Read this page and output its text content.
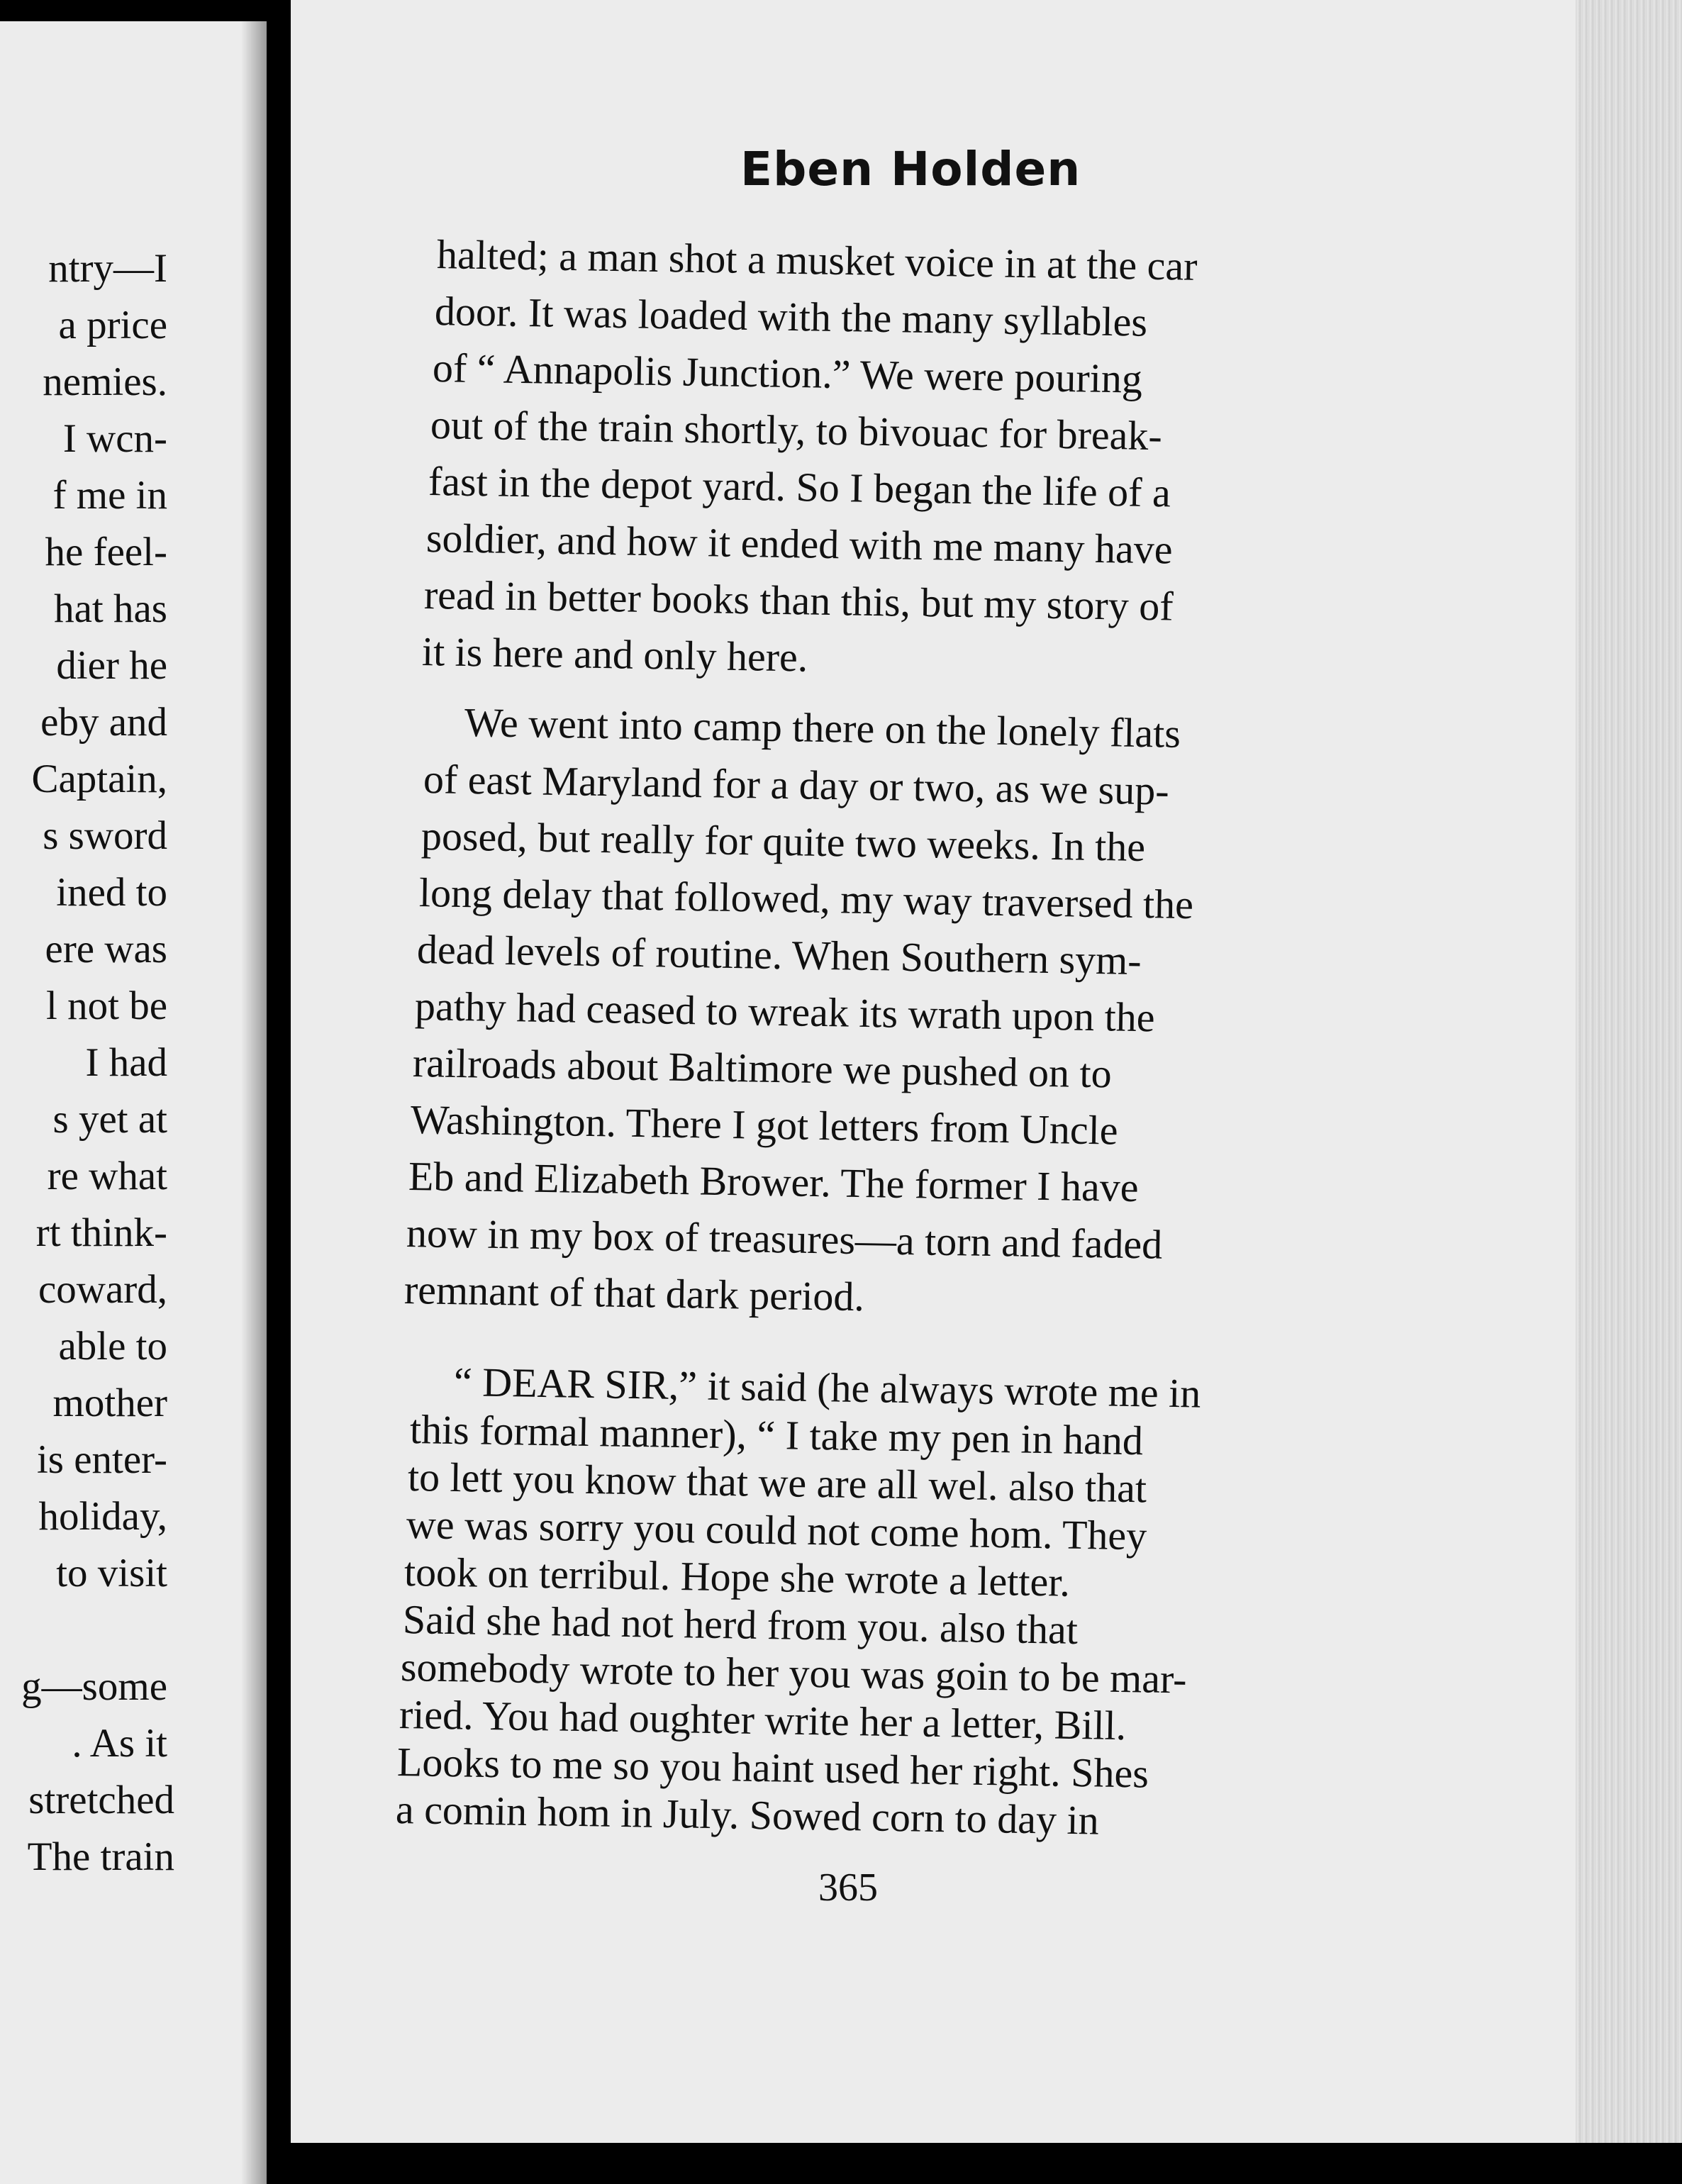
ntry—I
a price
nemies.
I wcn-
f me in
he feel-
hat has
dier he
eby and
Captain,
s sword
ined to
ere was
l not be
I had
s yet at
re what
rt think-
coward,
able to
mother
is enter-
holiday,
to visit
g—some
. As it
stretched
The train
Eben Holden
halted; a man shot a musket voice in at the car
door. It was loaded with the many syllables
of “ Annapolis Junction.” We were pouring
out of the train shortly, to bivouac for break-
fast in the depot yard. So I began the life of a
soldier, and how it ended with me many have
read in better books than this, but my story of
it is here and only here.
We went into camp there on the lonely flats
of east Maryland for a day or two, as we sup-
posed, but really for quite two weeks. In the
long delay that followed, my way traversed the
dead levels of routine. When Southern sym-
pathy had ceased to wreak its wrath upon the
railroads about Baltimore we pushed on to
Washington. There I got letters from Uncle
Eb and Elizabeth Brower. The former I have
now in my box of treasures—a torn and faded
remnant of that dark period.
“ DEAR SIR,” it said (he always wrote me in
this formal manner), “ I take my pen in hand
to lett you know that we are all wel. also that
we was sorry you could not come hom. They
took on terribul. Hope she wrote a letter.
Said she had not herd from you. also that
somebody wrote to her you was goin to be mar-
ried. You had oughter write her a letter, Bill.
Looks to me so you haint used her right. Shes
a comin hom in July. Sowed corn to day in
365
